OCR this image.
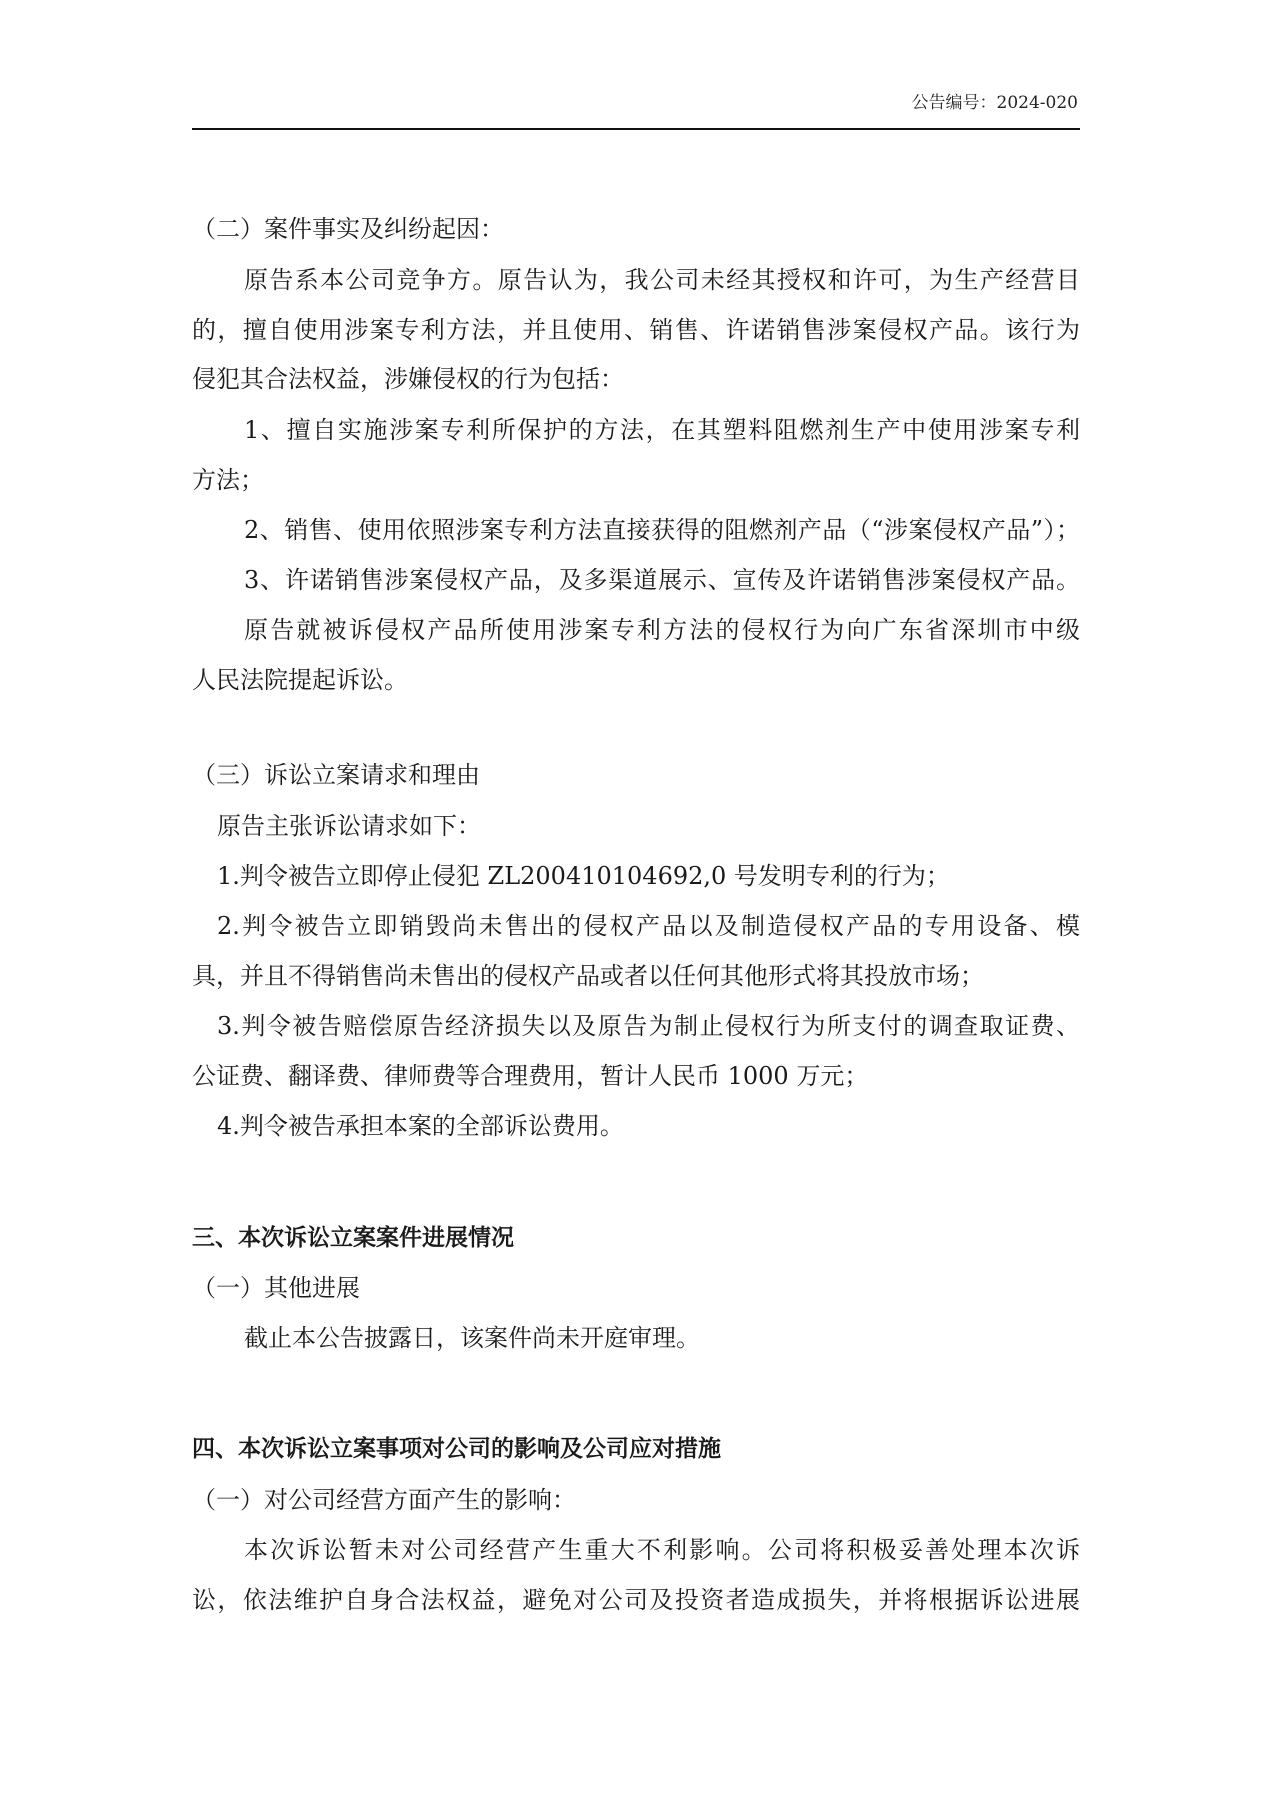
公告编号：2024-020
（二）案件事实及纠纷起因：
原告系本公司竞争方。原告认为，我公司未经其授权和许可，为生产经营目
的，擅自使用涉案专利方法，并且使用、销售、许诺销售涉案侵权产品。该行为
侵犯其合法权益，涉嫌侵权的行为包括：
1、擅自实施涉案专利所保护的方法，在其塑料阻燃剂生产中使用涉案专利
方法；
2、销售、使用依照涉案专利方法直接获得的阻燃剂产品（“涉案侵权产品”）；
3、许诺销售涉案侵权产品，及多渠道展示、宣传及许诺销售涉案侵权产品。
原告就被诉侵权产品所使用涉案专利方法的侵权行为向广东省深圳市中级
人民法院提起诉讼。
（三）诉讼立案请求和理由
原告主张诉讼请求如下：
1.判令被告立即停止侵犯 ZL200410104692,0 号发明专利的行为；
2.判令被告立即销毁尚未售出的侵权产品以及制造侵权产品的专用设备、模
具，并且不得销售尚未售出的侵权产品或者以任何其他形式将其投放市场；
3.判令被告赔偿原告经济损失以及原告为制止侵权行为所支付的调查取证费、
公证费、翻译费、律师费等合理费用，暂计人民币 1000 万元；
4.判令被告承担本案的全部诉讼费用。
三、本次诉讼立案案件进展情况
（一）其他进展
截止本公告披露日，该案件尚未开庭审理。
四、本次诉讼立案事项对公司的影响及公司应对措施
（一）对公司经营方面产生的影响：
本次诉讼暂未对公司经营产生重大不利影响。公司将积极妥善处理本次诉
讼，依法维护自身合法权益，避免对公司及投资者造成损失，并将根据诉讼进展
